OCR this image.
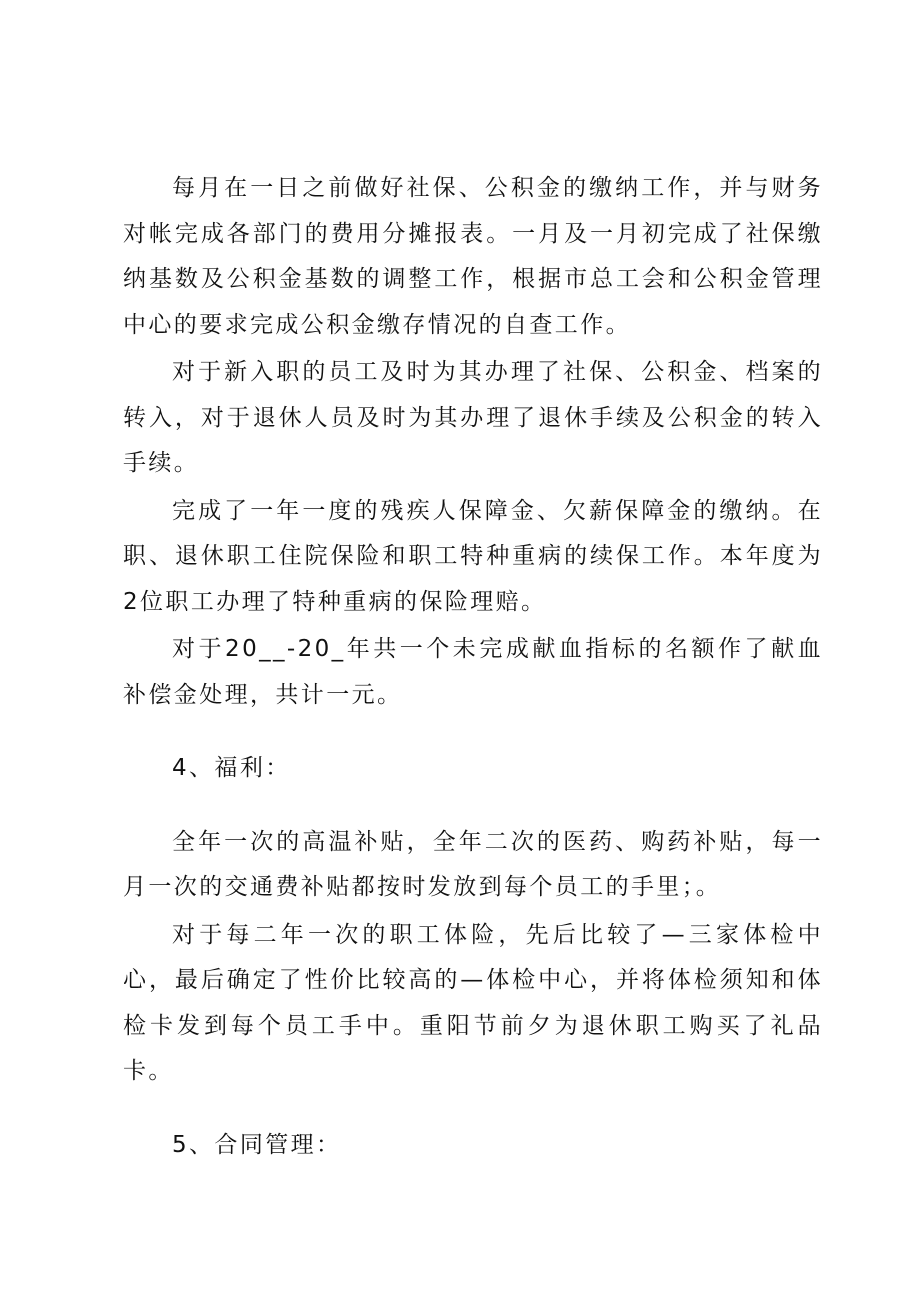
每月在一日之前做好社保、公积金的缴纳工作，并与财务对帐完成各部门的费用分摊报表。一月及一月初完成了社保缴纳基数及公积金基数的调整工作，根据市总工会和公积金管理中心的要求完成公积金缴存情况的自查工作。

对于新入职的员工及时为其办理了社保、公积金、档案的转入，对于退休人员及时为其办理了退休手续及公积金的转入手续。

完成了一年一度的残疾人保障金、欠薪保障金的缴纳。在职、退休职工住院保险和职工特种重病的续保工作。本年度为2位职工办理了特种重病的保险理赔。

对于20__-20_年共一个未完成献血指标的名额作了献血补偿金处理，共计一元。

4、福利：

全年一次的高温补贴，全年二次的医药、购药补贴，每一月一次的交通费补贴都按时发放到每个员工的手里；。

对于每二年一次的职工体险，先后比较了—三家体检中心，最后确定了性价比较高的—体检中心，并将体检须知和体检卡发到每个员工手中。重阳节前夕为退休职工购买了礼品卡。

5、合同管理：
